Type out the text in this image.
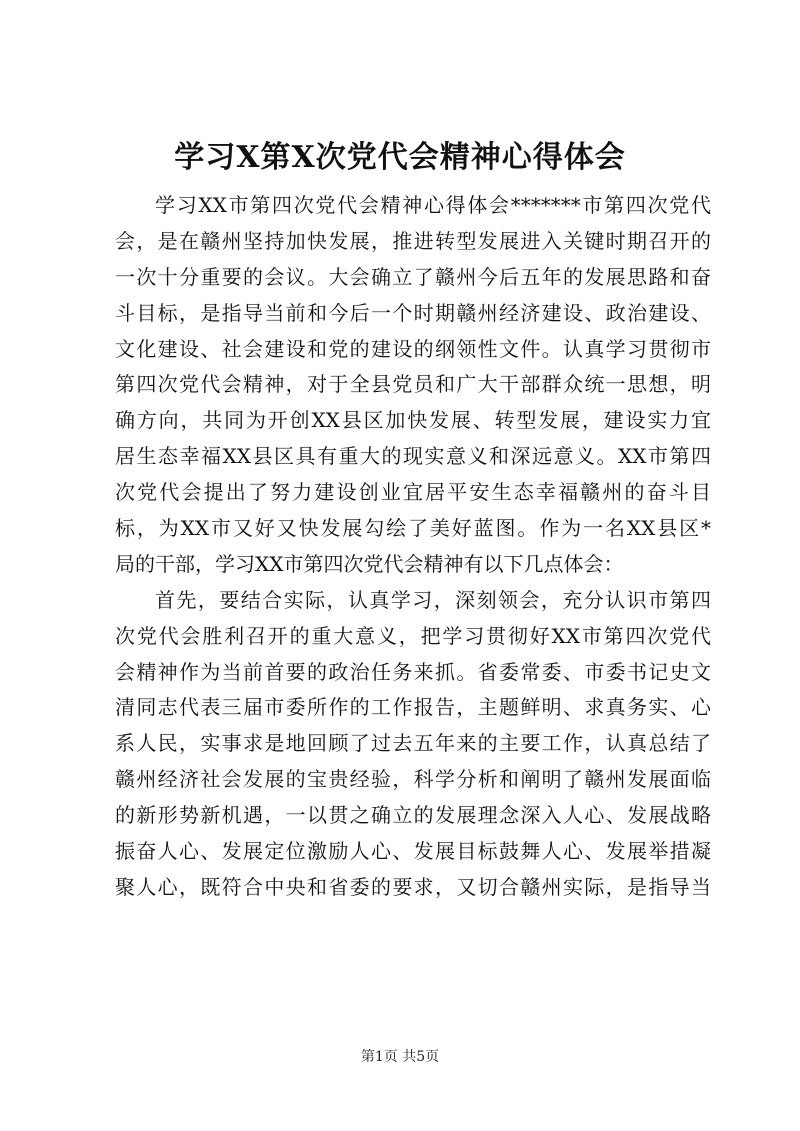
学习X第X次党代会精神心得体会
学习XX市第四次党代会精神心得体会*******市第四次党代
会，是在赣州坚持加快发展，推进转型发展进入关键时期召开的
一次十分重要的会议。大会确立了赣州今后五年的发展思路和奋
斗目标，是指导当前和今后一个时期赣州经济建设、政治建设、
文化建设、社会建设和党的建设的纲领性文件。认真学习贯彻市
第四次党代会精神，对于全县党员和广大干部群众统一思想，明
确方向，共同为开创XX县区加快发展、转型发展，建设实力宜
居生态幸福XX县区具有重大的现实意义和深远意义。XX市第四
次党代会提出了努力建设创业宜居平安生态幸福赣州的奋斗目
标，为XX市又好又快发展勾绘了美好蓝图。作为一名XX县区*
局的干部，学习XX市第四次党代会精神有以下几点体会：
首先，要结合实际，认真学习，深刻领会，充分认识市第四
次党代会胜利召开的重大意义，把学习贯彻好XX市第四次党代
会精神作为当前首要的政治任务来抓。省委常委、市委书记史文
清同志代表三届市委所作的工作报告，主题鲜明、求真务实、心
系人民，实事求是地回顾了过去五年来的主要工作，认真总结了
赣州经济社会发展的宝贵经验，科学分析和阐明了赣州发展面临
的新形势新机遇，一以贯之确立的发展理念深入人心、发展战略
振奋人心、发展定位激励人心、发展目标鼓舞人心、发展举措凝
聚人心，既符合中央和省委的要求，又切合赣州实际，是指导当
第1页 共5页
